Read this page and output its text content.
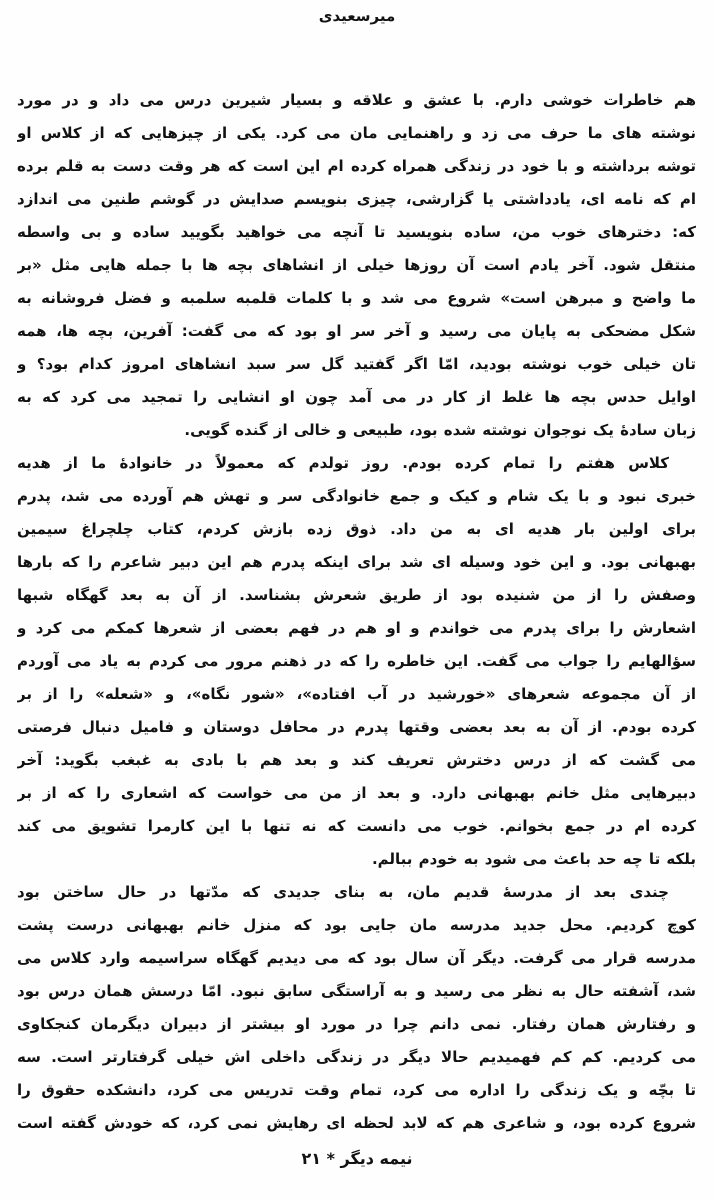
میرسعیدی
هم خاطرات خوشی دارم. با عشق و علاقه و بسیار شیرین درس می داد و در مورد
نوشته های ما حرف می زد و راهنمایی مان می کرد. یکی از چیزهایی که از کلاس او
توشه برداشته و با خود در زندگی همراه کرده ام این است که هر وقت دست به قلم برده
ام که نامه ای، یادداشتی یا گزارشی، چیزی بنویسم صدایش در گوشم طنین می اندازد
که: دخترهای خوب من، ساده بنویسید تا آنچه می خواهید بگویید ساده و بی واسطه
منتقل شود. آخر یادم است آن روزها خیلی از انشاهای بچه ها با جمله هایی مثل «بر
ما واضح و مبرهن است» شروع می شد و با کلمات قلمبه سلمبه و فضل فروشانه به
شکل مضحکی به پایان می رسید و آخر سر او بود که می گفت: آفرین، بچه ها، همه
تان خیلی خوب نوشته بودید، امّا اگر گفتید گل سر سبد انشاهای امروز کدام بود؟ و
اوایل حدس بچه ها غلط از کار در می آمد چون او انشایی را تمجید می کرد که به
زبان سادهٔ یک نوجوان نوشته شده بود، طبیعی و خالی از گنده گویی.
کلاس هفتم را تمام کرده بودم. روز تولدم که معمولاً در خانوادهٔ ما از هدیه
خبری نبود و با یک شام و کیک و جمع خانوادگی سر و تهش هم آورده می شد، پدرم
برای اولین بار هدیه ای به من داد. ذوق زده بازش کردم، کتاب چلچراغ سیمین
بهبهانی بود. و این خود وسیله ای شد برای اینکه پدرم هم این دبیر شاعرم را که بارها
وصفش را از من شنیده بود از طریق شعرش بشناسد. از آن به بعد گهگاه شبها
اشعارش را برای پدرم می خواندم و او هم در فهم بعضی از شعرها کمکم می کرد و
سؤالهایم را جواب می گفت. این خاطره را که در ذهنم مرور می کردم به یاد می آوردم
از آن مجموعه شعرهای «خورشید در آب افتاده»، «شور نگاه»، و «شعله» را از بر
کرده بودم. از آن به بعد بعضی وقتها پدرم در محافل دوستان و فامیل دنبال فرصتی
می گشت که از درس دخترش تعریف کند و بعد هم با بادی به غبغب بگوید: آخر
دبیرهایی مثل خانم بهبهانی دارد. و بعد از من می خواست که اشعاری را که از بر
کرده ام در جمع بخوانم. خوب می دانست که نه تنها با این کارمرا تشویق می کند
بلکه تا چه حد باعث می شود به خودم ببالم.
چندی بعد از مدرسهٔ قدیم مان، به بنای جدیدی که مدّتها در حال ساختن بود
کوچ کردیم. محل جدید مدرسه مان جایی بود که منزل خانم بهبهانی درست پشت
مدرسه قرار می گرفت. دیگر آن سال بود که می دیدیم گهگاه سراسیمه وارد کلاس می
شد، آشفته حال به نظر می رسید و به آراستگی سابق نبود. امّا درسش همان درس بود
و رفتارش همان رفتار. نمی دانم چرا در مورد او بیشتر از دبیران دیگرمان کنجکاوی
می کردیم. کم کم فهمیدیم حالا دیگر در زندگی داخلی اش خیلی گرفتارتر است. سه
تا بچّه و یک زندگی را اداره می کرد، تمام وقت تدریس می کرد، دانشکده حقوق را
شروع کرده بود، و شاعری هم که لابد لحظه ای رهایش نمی کرد، که خودش گفته است
نیمه دیگر * ۲۱
